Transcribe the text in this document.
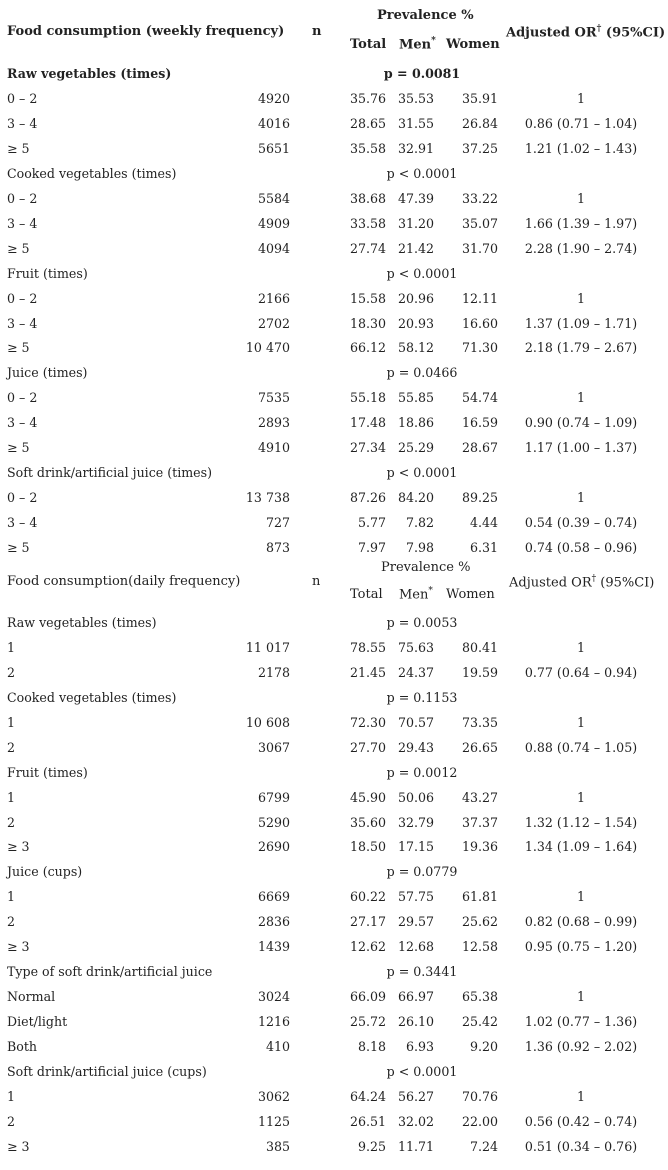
Food consumption (weekly frequency) n
Prevalence %
Total Men* Women
Adjusted OR† (95%CI)
Raw vegetables (times)	p = 0.0081
0 – 2	4920	35.76 35.53 35.91	1
3 – 4	4016	28.65 31.55 26.84	0.86 (0.71 – 1.04)
≥ 5	5651	35.58 32.91 37.25	1.21 (1.02 – 1.43)
Cooked vegetables (times)	p < 0.0001
0 – 2	5584	38.68 47.39 33.22	1
3 – 4	4909	33.58 31.20 35.07	1.66 (1.39 – 1.97)
≥ 5	4094	27.74 21.42 31.70	2.28 (1.90 – 2.74)
Fruit (times)	p < 0.0001
0 – 2	2166	15.58 20.96 12.11	1
3 – 4	2702	18.30 20.93 16.60	1.37 (1.09 – 1.71)
≥ 5	10 470	66.12 58.12 71.30	2.18 (1.79 – 2.67)
Juice (times)	p = 0.0466
0 – 2	7535	55.18 55.85 54.74	1
3 – 4	2893	17.48 18.86 16.59	0.90 (0.74 – 1.09)
≥ 5	4910	27.34 25.29 28.67	1.17 (1.00 – 1.37)
Soft drink/artificial juice (times)	p < 0.0001
0 – 2	13 738	87.26 84.20 89.25	1
3 – 4	727	5.77 7.82	4.44	0.54 (0.39 – 0.74)
≥ 5	873	7.97 7.98	6.31	0.74 (0.58 – 0.96)
Food consumption(daily frequency)	n
Prevalence %
Total Men* Women
Adjusted OR† (95%CI)
Raw vegetables (times)	p = 0.0053
1	11 017	78.55 75.63 80.41	1
2	2178	21.45 24.37 19.59	0.77 (0.64 – 0.94)
Cooked vegetables (times)	p = 0.1153
1	10 608	72.30 70.57 73.35	1
2	3067	27.70 29.43 26.65	0.88 (0.74 – 1.05)
Fruit (times)	p = 0.0012
1	6799	45.90 50.06 43.27	1
2	5290	35.60 32.79 37.37	1.32 (1.12 – 1.54)
≥ 3	2690	18.50 17.15 19.36	1.34 (1.09 – 1.64)
Juice (cups)	p = 0.0779
1	6669	60.22 57.75 61.81	1
2	2836	27.17 29.57 25.62	0.82 (0.68 – 0.99)
≥ 3	1439	12.62 12.68 12.58	0.95 (0.75 – 1.20)
Type of soft drink/artificial juice	p = 0.3441
Normal	3024	66.09 66.97 65.38	1
Diet/light	1216	25.72 26.10 25.42	1.02 (0.77 – 1.36)
Both	410	8.18 6.93	9.20	1.36 (0.92 – 2.02)
Soft drink/artificial juice (cups)	p < 0.0001
1	3062	64.24 56.27 70.76	1
2	1125	26.51 32.02 22.00	0.56 (0.42 – 0.74)
≥ 3	385	9.25 11.71	7.24	0.51 (0.34 – 0.76)
